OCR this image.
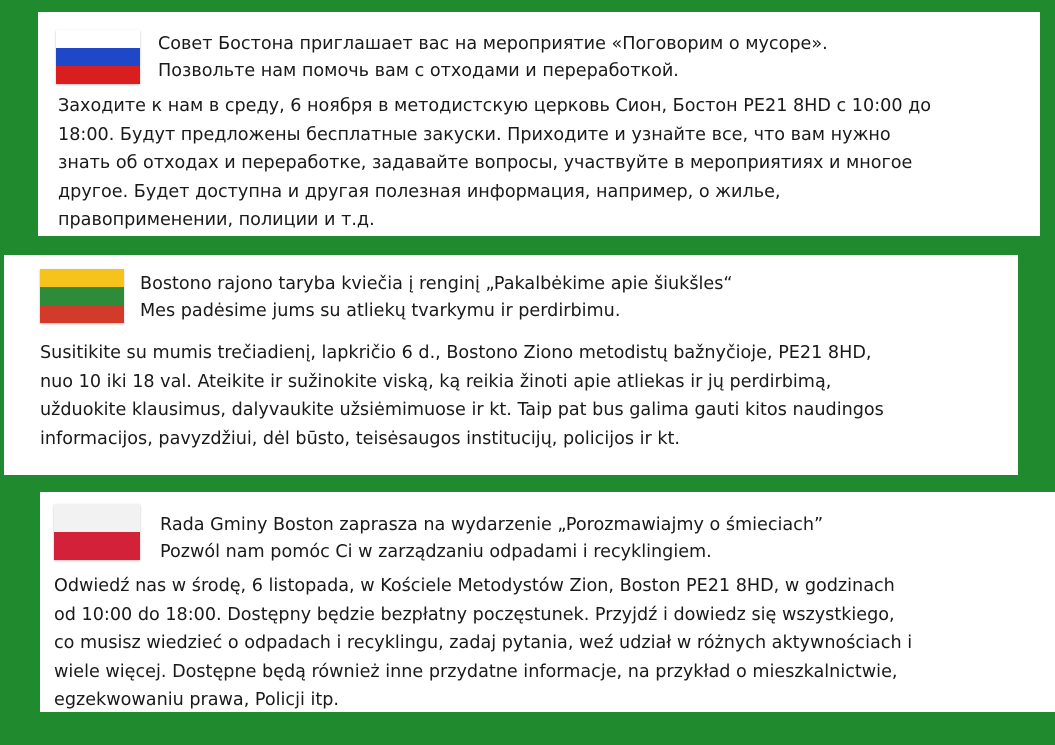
Совет Бостона приглашает вас на мероприятие «Поговорим о мусоре».
Позвольте нам помочь вам с отходами и переработкой.
Заходите к нам в среду, 6 ноября в методистскую церковь Сион, Бостон PE21 8HD с 10:00 до
18:00. Будут предложены бесплатные закуски. Приходите и узнайте все, что вам нужно
знать об отходах и переработке, задавайте вопросы, участвуйте в мероприятиях и многое
другое. Будет доступна и другая полезная информация, например, о жилье,
правоприменении, полиции и т.д.
Bostono rajono taryba kviečia į renginį „Pakalbėkime apie šiukšles“
Mes padėsime jums su atliekų tvarkymu ir perdirbimu.
Susitikite su mumis trečiadienį, lapkričio 6 d., Bostono Ziono metodistų bažnyčioje, PE21 8HD,
nuo 10 iki 18 val. Ateikite ir sužinokite viską, ką reikia žinoti apie atliekas ir jų perdirbimą,
užduokite klausimus, dalyvaukite užsiėmimuose ir kt. Taip pat bus galima gauti kitos naudingos
informacijos, pavyzdžiui, dėl būsto, teisėsaugos institucijų, policijos ir kt.
Rada Gminy Boston zaprasza na wydarzenie „Porozmawiajmy o śmieciach”
Pozwól nam pomóc Ci w zarządzaniu odpadami i recyklingiem.
Odwiedź nas w środę, 6 listopada, w Kościele Metodystów Zion, Boston PE21 8HD, w godzinach
od 10:00 do 18:00. Dostępny będzie bezpłatny poczęstunek. Przyjdź i dowiedz się wszystkiego,
co musisz wiedzieć o odpadach i recyklingu, zadaj pytania, weź udział w różnych aktywnościach i
wiele więcej. Dostępne będą również inne przydatne informacje, na przykład o mieszkalnictwie,
egzekwowaniu prawa, Policji itp.
